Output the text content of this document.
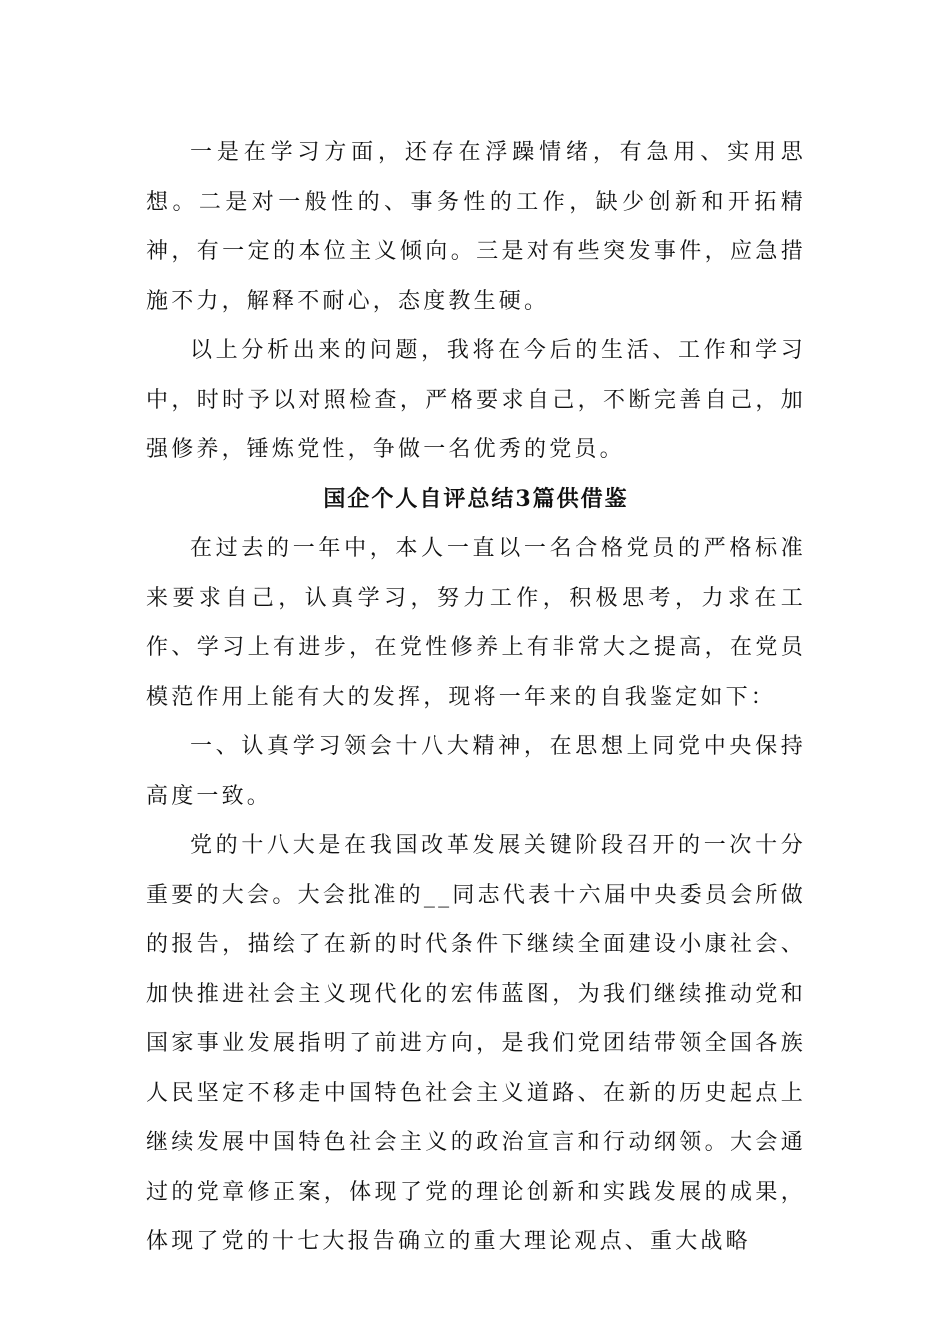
一是在学习方面，还存在浮躁情绪，有急用、实用思想。二是对一般性的、事务性的工作，缺少创新和开拓精神，有一定的本位主义倾向。三是对有些突发事件，应急措施不力，解释不耐心，态度教生硬。

以上分析出来的问题，我将在今后的生活、工作和学习中，时时予以对照检查，严格要求自己，不断完善自己，加强修养，锤炼党性，争做一名优秀的党员。

国企个人自评总结3篇供借鉴

在过去的一年中，本人一直以一名合格党员的严格标准来要求自己，认真学习，努力工作，积极思考，力求在工作、学习上有进步，在党性修养上有非常大之提高，在党员模范作用上能有大的发挥，现将一年来的自我鉴定如下：

一、认真学习领会十八大精神，在思想上同党中央保持高度一致。

党的十八大是在我国改革发展关键阶段召开的一次十分重要的大会。大会批准的__同志代表十六届中央委员会所做的报告，描绘了在新的时代条件下继续全面建设小康社会、加快推进社会主义现代化的宏伟蓝图，为我们继续推动党和国家事业发展指明了前进方向，是我们党团结带领全国各族人民坚定不移走中国特色社会主义道路、在新的历史起点上继续发展中国特色社会主义的政治宣言和行动纲领。大会通过的党章修正案，体现了党的理论创新和实践发展的成果，体现了党的十七大报告确立的重大理论观点、重大战略
